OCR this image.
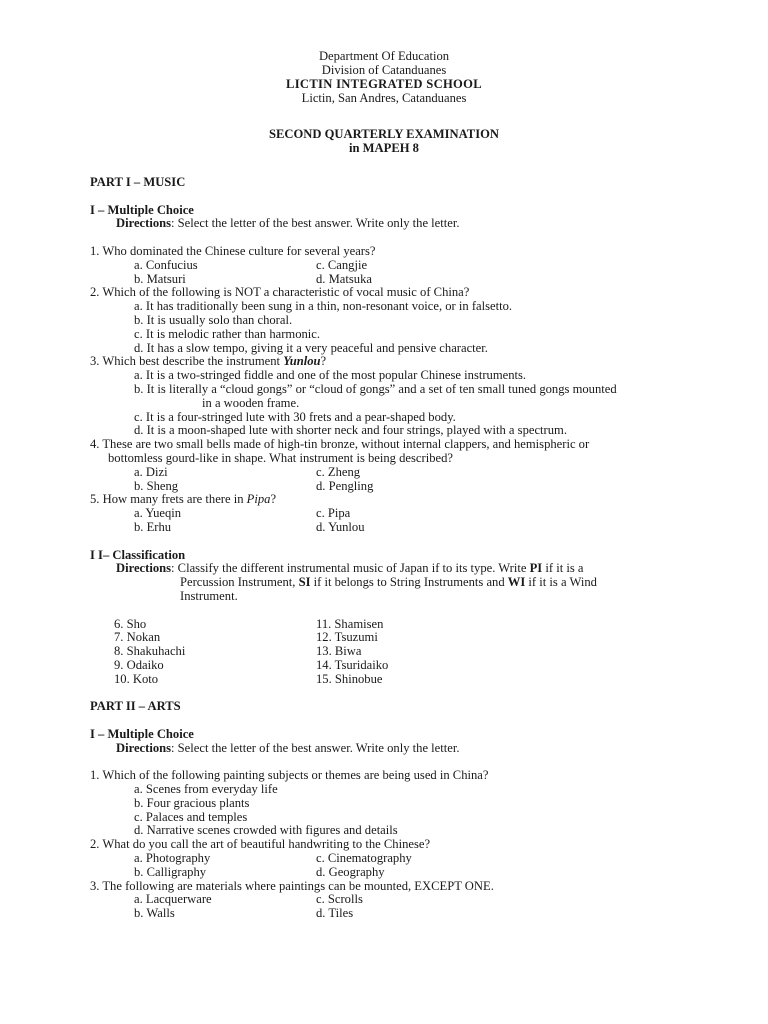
Department Of Education
Division of Catanduanes
LICTIN INTEGRATED SCHOOL
Lictin, San Andres, Catanduanes
SECOND QUARTERLY EXAMINATION
in MAPEH 8
PART I – MUSIC
I – Multiple Choice
Directions: Select the letter of the best answer. Write only the letter.
1. Who dominated the Chinese culture for several years?
a. Confucius	c. Cangjie
b. Matsuri	d. Matsuka
2. Which of the following is NOT a characteristic of vocal music of China?
a. It has traditionally been sung in a thin, non-resonant voice, or in falsetto.
b. It is usually solo than choral.
c. It is melodic rather than harmonic.
d. It has a slow tempo, giving it a very peaceful and pensive character.
3. Which best describe the instrument Yunlou?
a. It is a two-stringed fiddle and one of the most popular Chinese instruments.
b. It is literally a “cloud gongs” or “cloud of gongs” and a set of ten small tuned gongs mounted
in a wooden frame.
c. It is a four-stringed lute with 30 frets and a pear-shaped body.
d. It is a moon-shaped lute with shorter neck and four strings, played with a spectrum.
4. These are two small bells made of high-tin bronze, without internal clappers, and hemispheric or
bottomless gourd-like in shape. What instrument is being described?
a. Dizi	c. Zheng
b. Sheng	d. Pengling
5. How many frets are there in Pipa?
a. Yueqin	c. Pipa
b. Erhu	d. Yunlou
I I– Classification
Directions: Classify the different instrumental music of Japan if to its type. Write PI if it is a
Percussion Instrument, SI if it belongs to String Instruments and WI if it is a Wind
Instrument.
6. Sho	11. Shamisen
7. Nokan	12. Tsuzumi
8. Shakuhachi	13. Biwa
9. Odaiko	14. Tsuridaiko
10. Koto	15. Shinobue
PART II – ARTS
I – Multiple Choice
Directions: Select the letter of the best answer. Write only the letter.
1. Which of the following painting subjects or themes are being used in China?
a. Scenes from everyday life
b. Four gracious plants
c. Palaces and temples
d. Narrative scenes crowded with figures and details
2. What do you call the art of beautiful handwriting to the Chinese?
a. Photography	c. Cinematography
b. Calligraphy	d. Geography
3. The following are materials where paintings can be mounted, EXCEPT ONE.
a. Lacquerware	c. Scrolls
b. Walls	d. Tiles
